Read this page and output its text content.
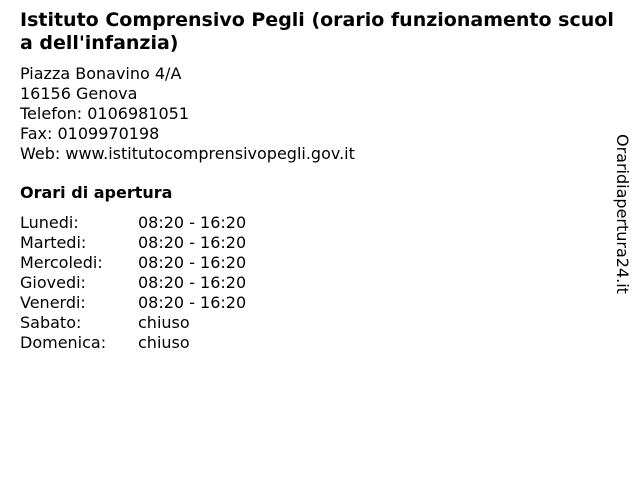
Istituto Comprensivo Pegli (orario funzionamento scuola dell'infanzia)
Piazza Bonavino 4/A
16156 Genova
Telefon: 0106981051
Fax: 0109970198
Web: www.istitutocomprensivopegli.gov.it
Orari di apertura
Lunedi:	08:20 - 16:20
Martedi:	08:20 - 16:20
Mercoledi: 08:20 - 16:20
Giovedi:	08:20 - 16:20
Venerdi:	08:20 - 16:20
Sabato:	chiuso
Domenica: chiuso
Oraridiapertura24.it
